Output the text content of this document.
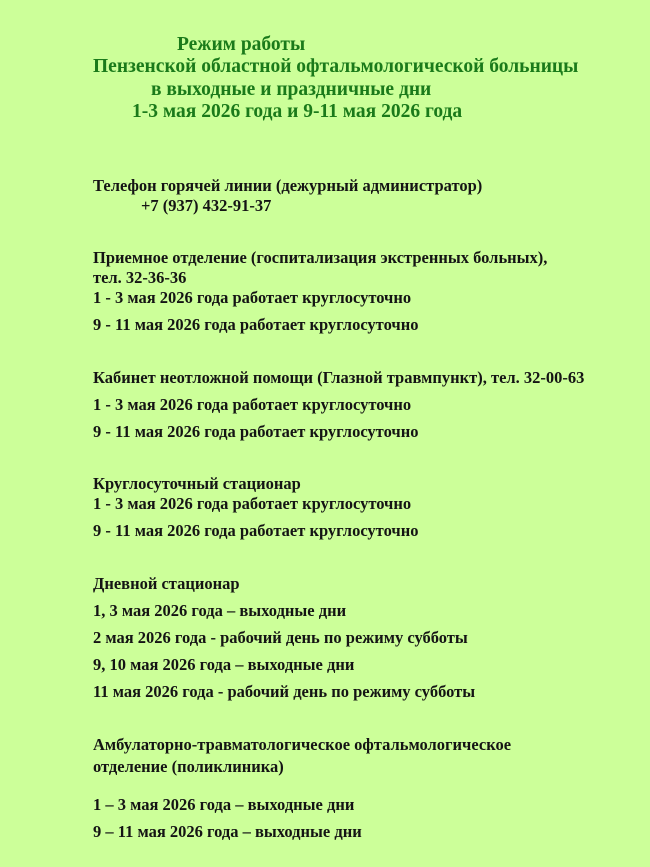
Режим работы
Пензенской областной офтальмологической больницы
в выходные и праздничные дни
1-3 мая 2026 года и 9-11 мая 2026 года
Телефон горячей линии (дежурный администратор)
+7 (937) 432-91-37
Приемное отделение (госпитализация экстренных больных),
тел. 32-36-36
1 - 3 мая 2026 года работает круглосуточно
9 - 11 мая 2026 года работает круглосуточно
Кабинет неотложной помощи (Глазной травмпункт), тел. 32-00-63
1 - 3 мая 2026 года работает круглосуточно
9 - 11 мая 2026 года работает круглосуточно
Круглосуточный стационар
1 - 3 мая 2026 года работает круглосуточно
9 - 11 мая 2026 года работает круглосуточно
Дневной стационар
1, 3 мая 2026 года – выходные дни
2 мая 2026 года - рабочий день по режиму субботы
9, 10 мая 2026 года – выходные дни
11 мая 2026 года - рабочий день по режиму субботы
Амбулаторно-травматологическое офтальмологическое
отделение (поликлиника)
1 – 3 мая 2026 года – выходные дни
9 – 11 мая 2026 года – выходные дни
